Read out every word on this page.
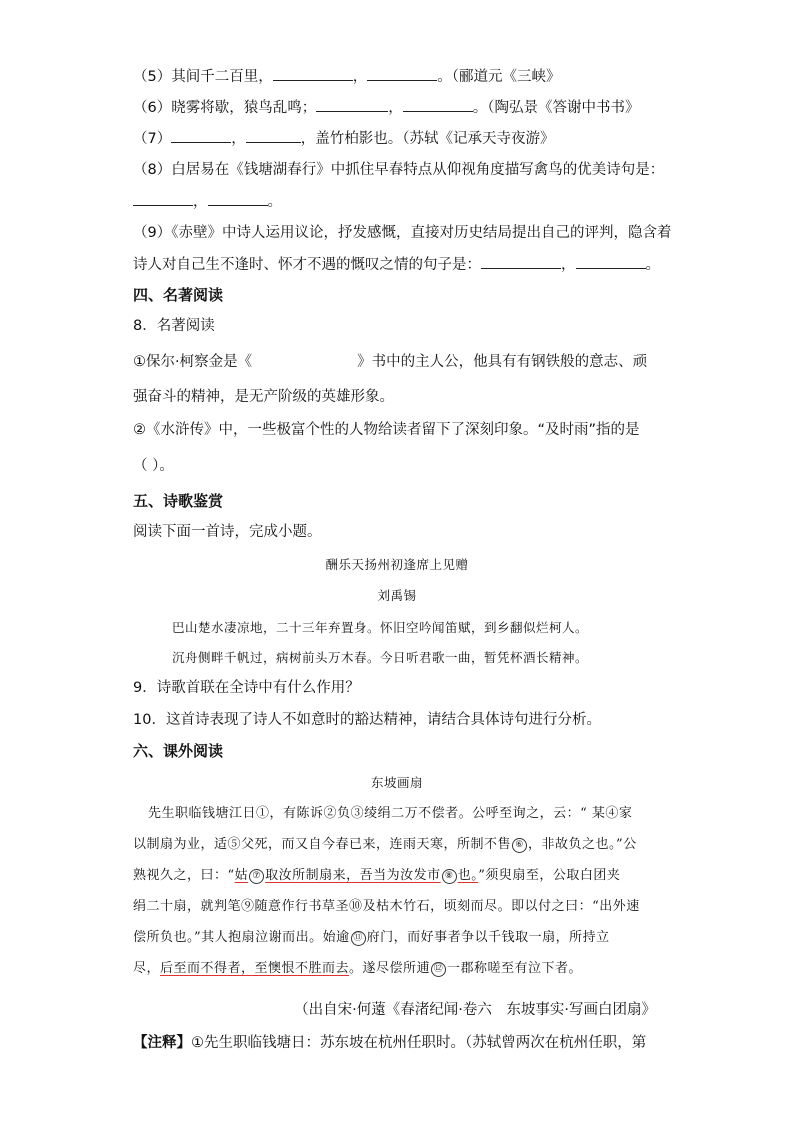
（5）其间千二百里，	，	。（郦道元《三峡》
（6）晓雾将歇，猿鸟乱鸣；	，	。（陶弘景《答谢中书书》
（7）	，	，盖竹柏影也。（苏轼《记承天寺夜游》
（8）白居易在《钱塘湖春行》中抓住早春特点从仰视角度描写禽鸟的优美诗句是：
，	。
（9）《赤壁》中诗人运用议论，抒发感慨，直接对历史结局提出自己的评判，隐含着
诗人对自己生不逢时、怀才不遇的慨叹之情的句子是：	，	。
四、名著阅读
8．名著阅读
①保尔·柯察金是《	》书中的主人公，他具有有钢铁般的意志、顽
强奋斗的精神，是无产阶级的英雄形象。
②《水浒传》中，一些极富个性的人物给读者留下了深刻印象。“及时雨”指的是
（ ）。
五、诗歌鉴赏
阅读下面一首诗，完成小题。
酬乐天扬州初逢席上见赠
刘禹锡
巴山楚水凄凉地，二十三年弃置身。怀旧空吟闻笛赋，到乡翻似烂柯人。
沉舟侧畔千帆过，病树前头万木春。今日听君歌一曲，暂凭杯酒长精神。
9．诗歌首联在全诗中有什么作用？
10．这首诗表现了诗人不如意时的豁达精神，请结合具体诗句进行分析。
六、课外阅读
东坡画扇
先生职临钱塘江日①，有陈诉②负③绫绢二万不偿者。公呼至询之，云：“ 某④家
以制扇为业，适⑤父死，而又自今春已来，连雨天寒，所制不售 ⑥ ，非故负之也。”公
熟视久之，曰：“姑 ⑦ 取汝所制扇来，吾当为汝发市 ⑧ 也。”须臾扇至，公取白团夹
绢二十扇，就判笔⑨随意作行书草圣⑩及枯木竹石，顷刻而尽。即以付之曰：“出外速
偿所负也。”其人抱扇泣谢而出。始逾 ⑪ 府门，而好事者争以千钱取一扇，所持立
尽，后至而不得者，至懊恨不胜而去。遂尽偿所逋 ⑫ 一郡称嗟至有泣下者。
（出自宋·何薳《春渚纪闻·卷六　东坡事实·写画白团扇》
【注释】①先生职临钱塘日：苏东坡在杭州任职时。（苏轼曾两次在杭州任职，第
